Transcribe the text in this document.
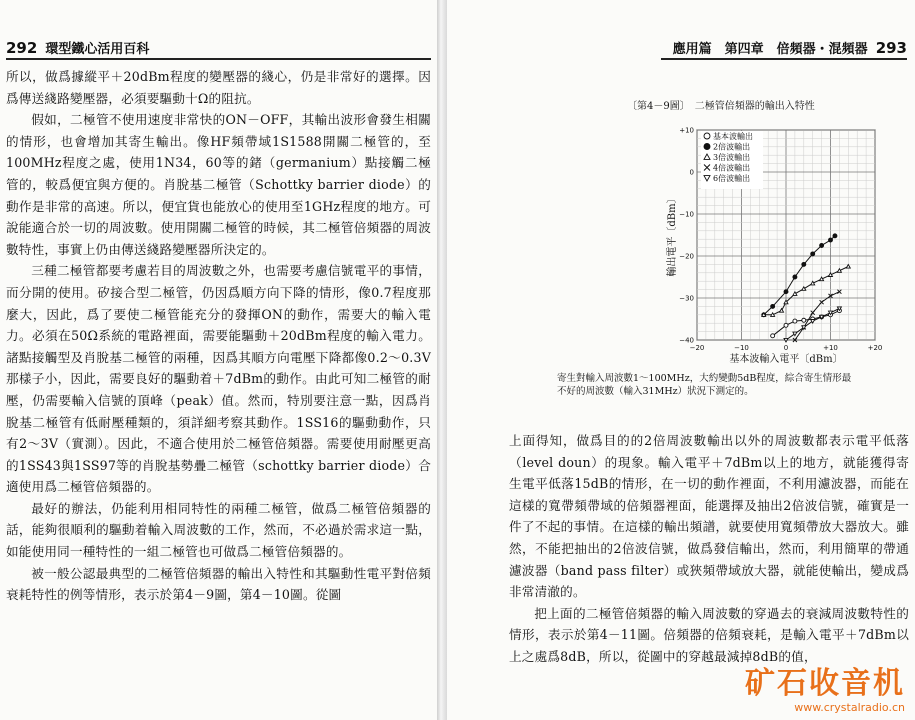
292 環型鐵心活用百科

所以，做爲據縱平＋20dBm程度的變壓器的綫心，仍是非常好的選擇。因爲傳送綫路變壓器，必須要驅動十Ω的阻抗。

假如，二極管不使用速度非常快的ON－OFF，其輸出波形會發生相關的情形，也會增加其寄生輸出。像HF頻帶域1S1588開關二極管的，至100MHz程度之處，使用1N34，60等的鍺（germanium）點接觸二極管的，較爲便宜與方便的。肖脫基二極管（Schottky barrier diode）的動作是非常的高速。所以，便宜貨也能放心的使用至1GHz程度的地方。可說能適合於一切的周波數。使用開關二極管的時候，其二極管倍頻器的周波數特性，事實上仍由傳送綫路變壓器所決定的。

三種二極管都要考慮若目的周波數之外，也需要考慮信號電平的事情，而分開的使用。矽接合型二極管，仍因爲順方向下降的情形，像0.7程度那麼大，因此，爲了要使二極管能充分的發揮ON的動作，需要大的輸入電力。必須在50Ω系統的電路裡面，需要能驅動＋20dBm程度的輸入電力。諸點接觸型及肖脫基二極管的兩種，因爲其順方向電壓下降都像0.2～0.3V那樣子小，因此，需要良好的驅動着＋7dBm的動作。由此可知二極管的耐壓，仍需要輸入信號的頂峰（peak）值。然而，特別要注意一點，因爲肖脫基二極管有低耐壓種類的，須詳細考察其動作。1SS16的驅動動作，只有2～3V（實測）。因此，不適合使用於二極管倍頻器。需要使用耐壓更高的1SS43與1SS97等的肖脫基勢疊二極管（schottky barrier diode）合適使用爲二極管倍頻器的。

最好的辦法，仍能利用相同特性的兩種二極管，做爲二極管倍頻器的話，能夠很順利的驅動着輸入周波數的工作，然而，不必過於需求這一點，如能使用同一種特性的一組二極管也可做爲二極管倍頻器的。

被一般公認最典型的二極管倍頻器的輸出入特性和其驅動性電平對倍頻衰耗特性的例等情形，表示於第4－9圖，第4－10圖。從圖

應用篇　第四章　倍頻器・混頻器 293
〔第4－9圖〕　二極管倍頻器的輸出入特性
−20	−10	0	+10	+20
+10
0
−10
−20
−30
−40
基本波輸入電平〔dBm〕
輸出電平〔dBm〕
基本波輸出
2倍波輸出
3倍波輸出
4倍波輸出
6倍波輸出
寄生對輸入周波數1～100MHz，大約變動5dB程度，綜合寄生情形最不好的周波數（輸入31MHz）狀況下測定的。

上面得知，做爲目的的2倍周波數輸出以外的周波數都表示電平低落（level doun）的現象。輸入電平＋7dBm以上的地方，就能獲得寄生電平低落15dB的情形，在一切的動作裡面，不利用濾波器，而能在這樣的寬帶頻帶域的倍頻器裡面，能選擇及抽出2倍波信號，確實是一件了不起的事情。在這樣的輸出頻譜，就要使用寬頻帶放大器放大。雖然，不能把抽出的2倍波信號，做爲發信輸出，然而，利用簡單的帶通濾波器（band pass filter）或狹頻帶域放大器，就能使輸出，變成爲非常清澈的。

把上面的二極管倍頻器的輸入周波數的穿過去的衰減周波數特性的情形，表示於第4－11圖。倍頻器的倍頻衰耗，是輸入電平＋7dBm以上之處爲8dB，所以，從圖中的穿越最減掉8dB的值，

矿石收音机
www.crystalradio.cn
